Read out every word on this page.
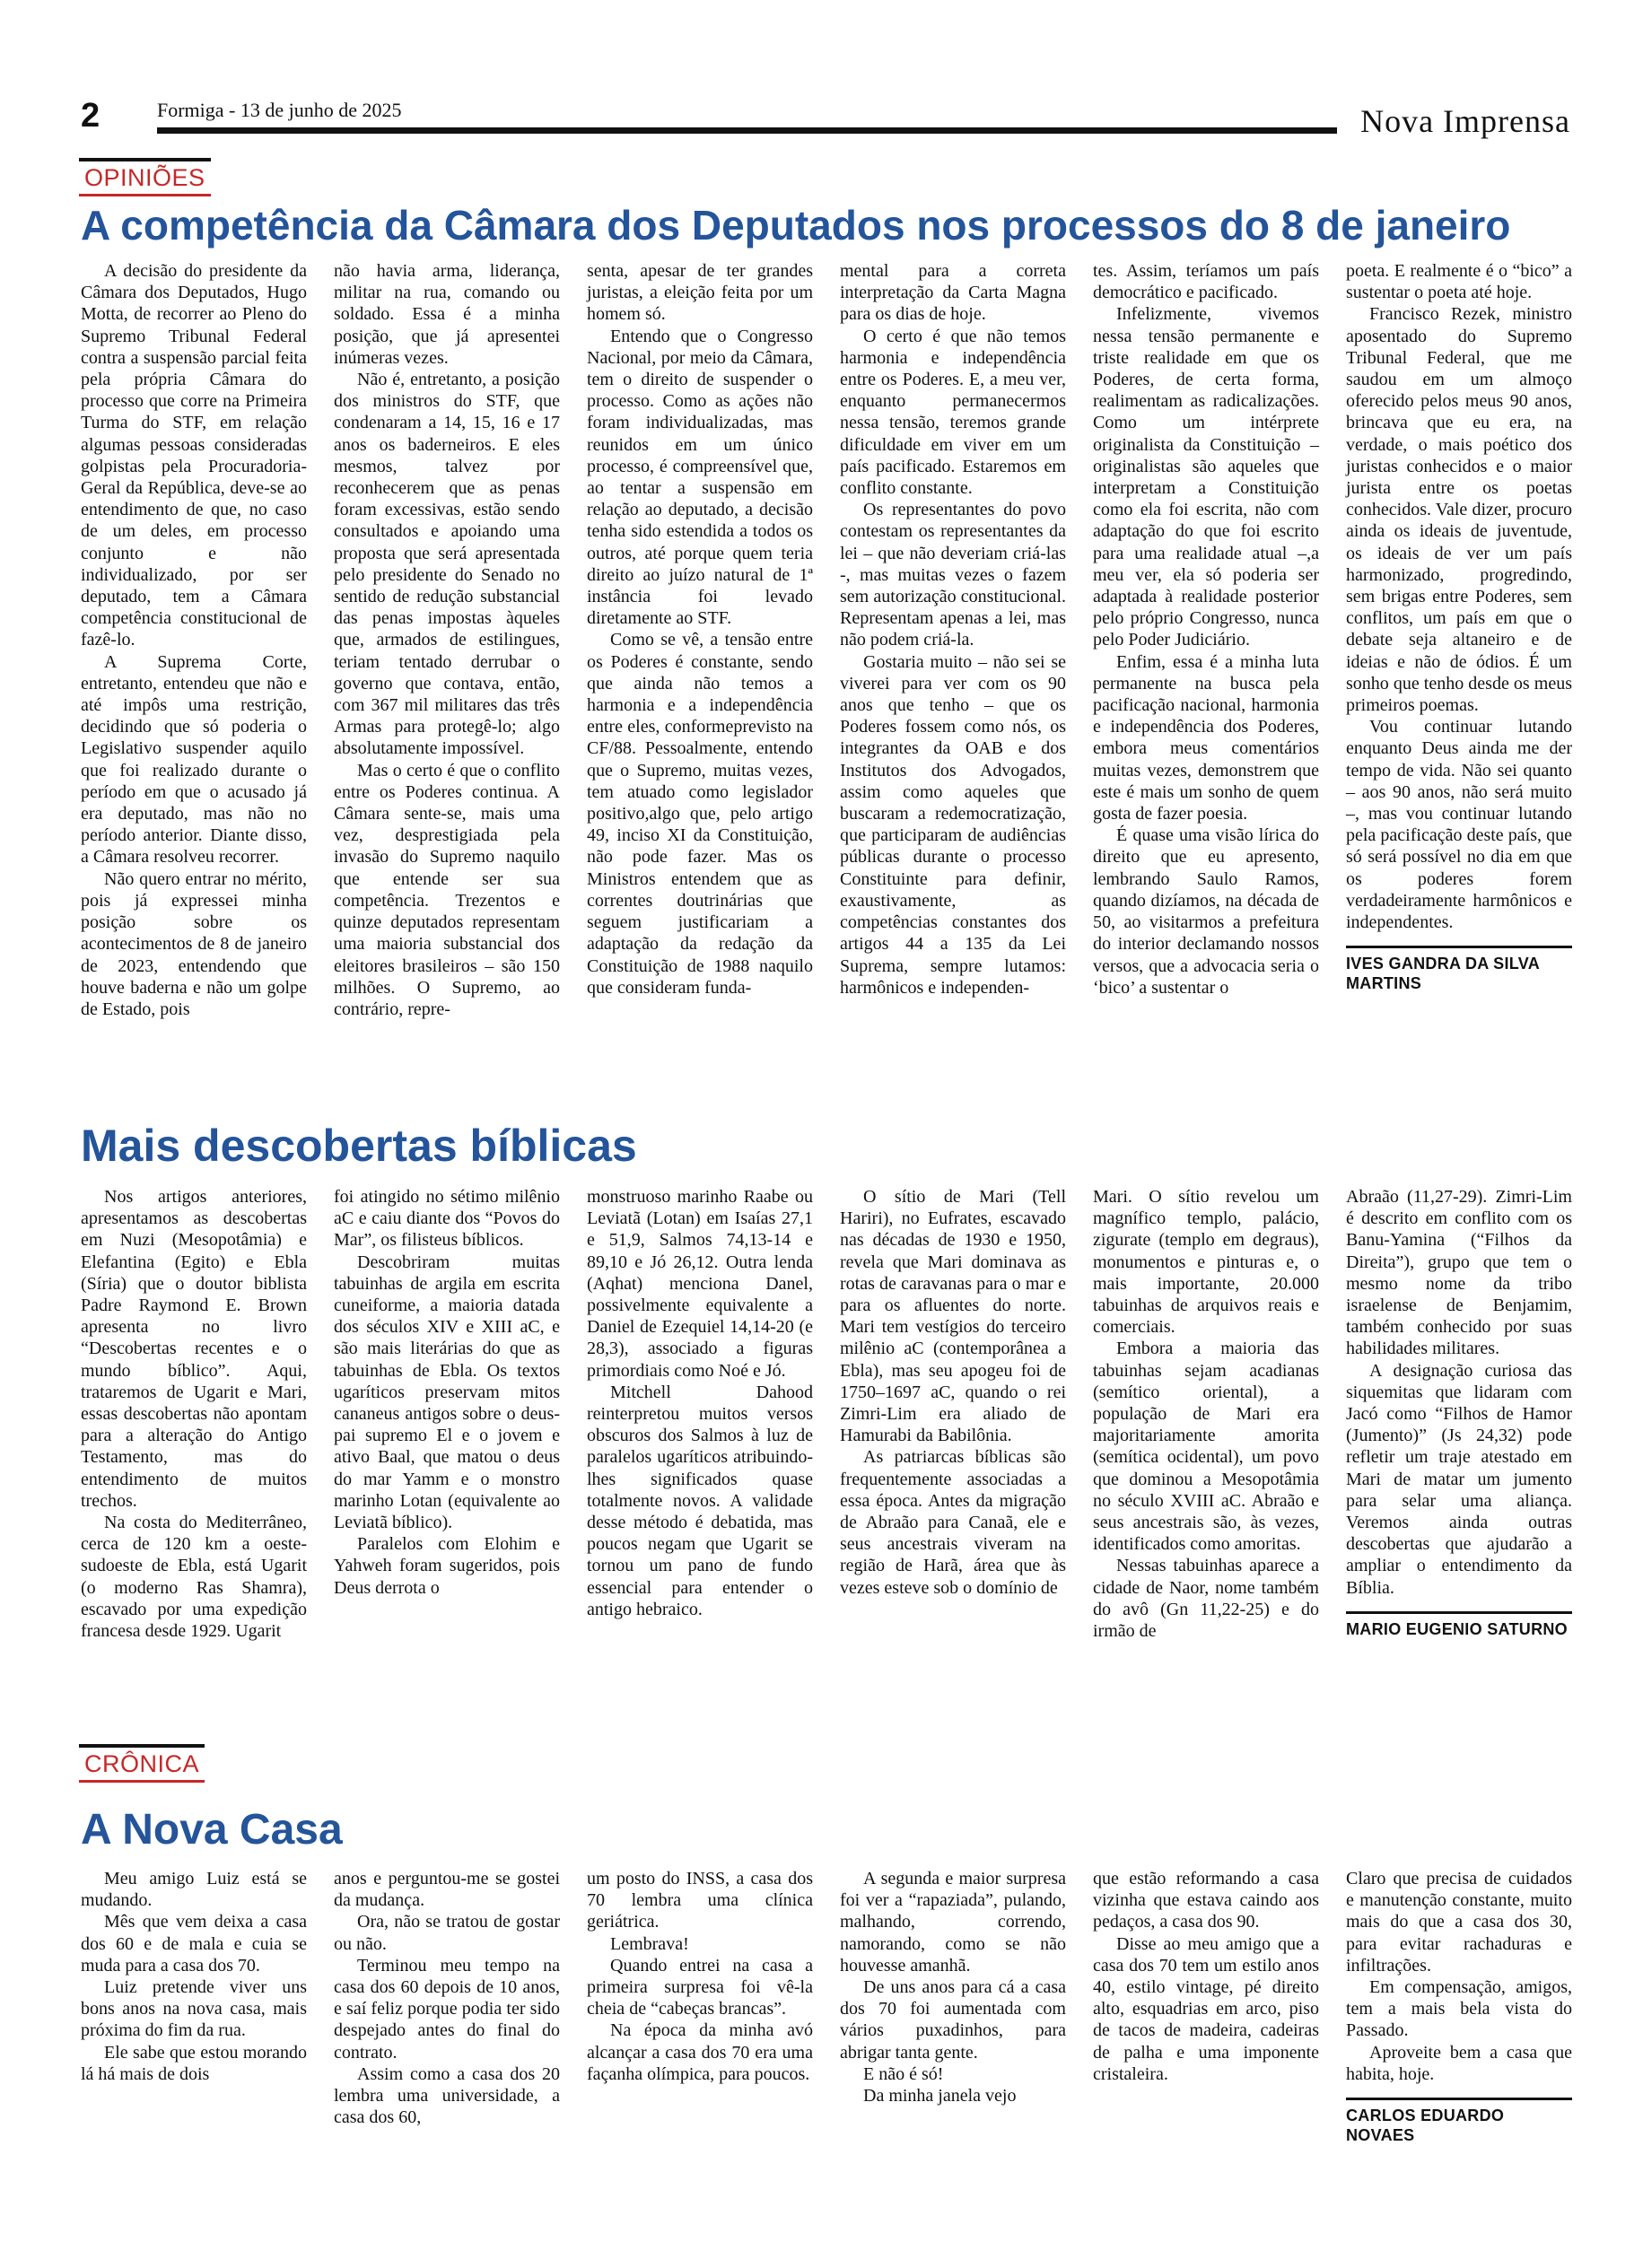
2	Formiga - 13 de junho de 2025	Nova Imprensa
OPINIÕES
A competência da Câmara dos Deputados nos processos do 8 de janeiro

A decisão do presidente da Câmara dos Deputados, Hugo Motta, de recorrer ao Pleno do Supremo Tribunal Federal contra a suspensão parcial feita pela própria Câmara do processo que corre na Primeira Turma do STF, em relação algumas pessoas consideradas golpistas pela Procuradoria-Geral da República, deve-se ao entendimento de que, no caso de um deles, em processo conjunto e não individualizado, por ser deputado, tem a Câmara competência constitucional de fazê-lo.

A Suprema Corte, entretanto, entendeu que não e até impôs uma restrição, decidindo que só poderia o Legislativo suspender aquilo que foi realizado durante o período em que o acusado já era deputado, mas não no período anterior. Diante disso, a Câmara resolveu recorrer.

Não quero entrar no mérito, pois já expressei minha posição sobre os acontecimentos de 8 de janeiro de 2023, entendendo que houve baderna e não um golpe de Estado, pois

não havia arma, liderança, militar na rua, comando ou soldado. Essa é a minha posição, que já apresentei inúmeras vezes.

Não é, entretanto, a posição dos ministros do STF, que condenaram a 14, 15, 16 e 17 anos os baderneiros. E eles mesmos, talvez por reconhecerem que as penas foram excessivas, estão sendo consultados e apoiando uma proposta que será apresentada pelo presidente do Senado no sentido de redução substancial das penas impostas àqueles que, armados de estilingues, teriam tentado derrubar o governo que contava, então, com 367 mil militares das três Armas para protegê-lo; algo absolutamente impossível.

Mas o certo é que o conflito entre os Poderes continua. A Câmara sente-se, mais uma vez, desprestigiada pela invasão do Supremo naquilo que entende ser sua competência. Trezentos e quinze deputados representam uma maioria substancial dos eleitores brasileiros – são 150 milhões. O Supremo, ao contrário, repre-

senta, apesar de ter grandes juristas, a eleição feita por um homem só.

Entendo que o Congresso Nacional, por meio da Câmara, tem o direito de suspender o processo. Como as ações não foram individualizadas, mas reunidos em um único processo, é compreensível que, ao tentar a suspensão em relação ao deputado, a decisão tenha sido estendida a todos os outros, até porque quem teria direito ao juízo natural de 1ª instância foi levado diretamente ao STF.

Como se vê, a tensão entre os Poderes é constante, sendo que ainda não temos a harmonia e a independência entre eles, conformeprevisto na CF/88. Pessoalmente, entendo que o Supremo, muitas vezes, tem atuado como legislador positivo,algo que, pelo artigo 49, inciso XI da Constituição, não pode fazer. Mas os Ministros entendem que as correntes doutrinárias que seguem justificariam a adaptação da redação da Constituição de 1988 naquilo que consideram funda-

mental para a correta interpretação da Carta Magna para os dias de hoje.

O certo é que não temos harmonia e independência entre os Poderes. E, a meu ver, enquanto permanecermos nessa tensão, teremos grande dificuldade em viver em um país pacificado. Estaremos em conflito constante.

Os representantes do povo contestam os representantes da lei – que não deveriam criá-las -, mas muitas vezes o fazem sem autorização constitucional. Representam apenas a lei, mas não podem criá-la.

Gostaria muito – não sei se viverei para ver com os 90 anos que tenho – que os Poderes fossem como nós, os integrantes da OAB e dos Institutos dos Advogados, assim como aqueles que buscaram a redemocratização, que participaram de audiências públicas durante o processo Constituinte para definir, exaustivamente, as competências constantes dos artigos 44 a 135 da Lei Suprema, sempre lutamos: harmônicos e independen-

tes. Assim, teríamos um país democrático e pacificado.

Infelizmente, vivemos nessa tensão permanente e triste realidade em que os Poderes, de certa forma, realimentam as radicalizações. Como um intérprete originalista da Constituição – originalistas são aqueles que interpretam a Constituição como ela foi escrita, não com adaptação do que foi escrito para uma realidade atual –,a meu ver, ela só poderia ser adaptada à realidade posterior pelo próprio Congresso, nunca pelo Poder Judiciário.

Enfim, essa é a minha luta permanente na busca pela pacificação nacional, harmonia e independência dos Poderes, embora meus comentários muitas vezes, demonstrem que este é mais um sonho de quem gosta de fazer poesia.

É quase uma visão lírica do direito que eu apresento, lembrando Saulo Ramos, quando dizíamos, na década de 50, ao visitarmos a prefeitura do interior declamando nossos versos, que a advocacia seria o ‘bico’ a sustentar o

poeta. E realmente é o “bico” a sustentar o poeta até hoje.

Francisco Rezek, ministro aposentado do Supremo Tribunal Federal, que me saudou em um almoço oferecido pelos meus 90 anos, brincava que eu era, na verdade, o mais poético dos juristas conhecidos e o maior jurista entre os poetas conhecidos. Vale dizer, procuro ainda os ideais de juventude, os ideais de ver um país harmonizado, progredindo, sem brigas entre Poderes, sem conflitos, um país em que o debate seja altaneiro e de ideias e não de ódios. É um sonho que tenho desde os meus primeiros poemas.

Vou continuar lutando enquanto Deus ainda me der tempo de vida. Não sei quanto – aos 90 anos, não será muito –, mas vou continuar lutando pela pacificação deste país, que só será possível no dia em que os poderes forem verdadeiramente harmônicos e independentes.

IVES GANDRA DA SILVA MARTINS
Mais descobertas bíblicas

Nos artigos anteriores, apresentamos as descobertas em Nuzi (Mesopotâmia) e Elefantina (Egito) e Ebla (Síria) que o doutor biblista Padre Raymond E. Brown apresenta no livro “Descobertas recentes e o mundo bíblico”. Aqui, trataremos de Ugarit e Mari, essas descobertas não apontam para a alteração do Antigo Testamento, mas do entendimento de muitos trechos.

Na costa do Mediterrâneo, cerca de 120 km a oeste-sudoeste de Ebla, está Ugarit (o moderno Ras Shamra), escavado por uma expedição francesa desde 1929. Ugarit

foi atingido no sétimo milênio aC e caiu diante dos “Povos do Mar”, os filisteus bíblicos.

Descobriram muitas tabuinhas de argila em escrita cuneiforme, a maioria datada dos séculos XIV e XIII aC, e são mais literárias do que as tabuinhas de Ebla. Os textos ugaríticos preservam mitos cananeus antigos sobre o deus-pai supremo El e o jovem e ativo Baal, que matou o deus do mar Yamm e o monstro marinho Lotan (equivalente ao Leviatã bíblico).

Paralelos com Elohim e Yahweh foram sugeridos, pois Deus derrota o

monstruoso marinho Raabe ou Leviatã (Lotan) em Isaías 27,1 e 51,9, Salmos 74,13-14 e 89,10 e Jó 26,12. Outra lenda (Aqhat) menciona Danel, possivelmente equivalente a Daniel de Ezequiel 14,14-20 (e 28,3), associado a figuras primordiais como Noé e Jó.

Mitchell Dahood reinterpretou muitos versos obscuros dos Salmos à luz de paralelos ugaríticos atribuindo-lhes significados quase totalmente novos. A validade desse método é debatida, mas poucos negam que Ugarit se tornou um pano de fundo essencial para entender o antigo hebraico.

O sítio de Mari (Tell Hariri), no Eufrates, escavado nas décadas de 1930 e 1950, revela que Mari dominava as rotas de caravanas para o mar e para os afluentes do norte. Mari tem vestígios do terceiro milênio aC (contemporânea a Ebla), mas seu apogeu foi de 1750–1697 aC, quando o rei Zimri-Lim era aliado de Hamurabi da Babilônia.

As patriarcas bíblicas são frequentemente associadas a essa época. Antes da migração de Abraão para Canaã, ele e seus ancestrais viveram na região de Harã, área que às vezes esteve sob o domínio de

Mari. O sítio revelou um magnífico templo, palácio, zigurate (templo em degraus), monumentos e pinturas e, o mais importante, 20.000 tabuinhas de arquivos reais e comerciais.

Embora a maioria das tabuinhas sejam acadianas (semítico oriental), a população de Mari era majoritariamente amorita (semítica ocidental), um povo que dominou a Mesopotâmia no século XVIII aC. Abraão e seus ancestrais são, às vezes, identificados como amoritas.

Nessas tabuinhas aparece a cidade de Naor, nome também do avô (Gn 11,22-25) e do irmão de

Abraão (11,27-29). Zimri-Lim é descrito em conflito com os Banu-Yamina (“Filhos da Direita”), grupo que tem o mesmo nome da tribo israelense de Benjamim, também conhecido por suas habilidades militares.

A designação curiosa das siquemitas que lidaram com Jacó como “Filhos de Hamor (Jumento)” (Js 24,32) pode refletir um traje atestado em Mari de matar um jumento para selar uma aliança. Veremos ainda outras descobertas que ajudarão a ampliar o entendimento da Bíblia.

MARIO EUGENIO SATURNO
CRÔNICA
A Nova Casa

Meu amigo Luiz está se mudando.

Mês que vem deixa a casa dos 60 e de mala e cuia se muda para a casa dos 70.

Luiz pretende viver uns bons anos na nova casa, mais próxima do fim da rua.

Ele sabe que estou morando lá há mais de dois

anos e perguntou-me se gostei da mudança.

Ora, não se tratou de gostar ou não.

Terminou meu tempo na casa dos 60 depois de 10 anos, e saí feliz porque podia ter sido despejado antes do final do contrato.

Assim como a casa dos 20 lembra uma universidade, a casa dos 60,

um posto do INSS, a casa dos 70 lembra uma clínica geriátrica.

Lembrava!

Quando entrei na casa a primeira surpresa foi vê-la cheia de “cabeças brancas”.

Na época da minha avó alcançar a casa dos 70 era uma façanha olímpica, para poucos.

A segunda e maior surpresa foi ver a “rapaziada”, pulando, malhando, correndo, namorando, como se não houvesse amanhã.

De uns anos para cá a casa dos 70 foi aumentada com vários puxadinhos, para abrigar tanta gente.

E não é só!

Da minha janela vejo

que estão reformando a casa vizinha que estava caindo aos pedaços, a casa dos 90.

Disse ao meu amigo que a casa dos 70 tem um estilo anos 40, estilo vintage, pé direito alto, esquadrias em arco, piso de tacos de madeira, cadeiras de palha e uma imponente cristaleira.

Claro que precisa de cuidados e manutenção constante, muito mais do que a casa dos 30, para evitar rachaduras e infiltrações.

Em compensação, amigos, tem a mais bela vista do Passado.

Aproveite bem a casa que habita, hoje.

CARLOS EDUARDO NOVAES
